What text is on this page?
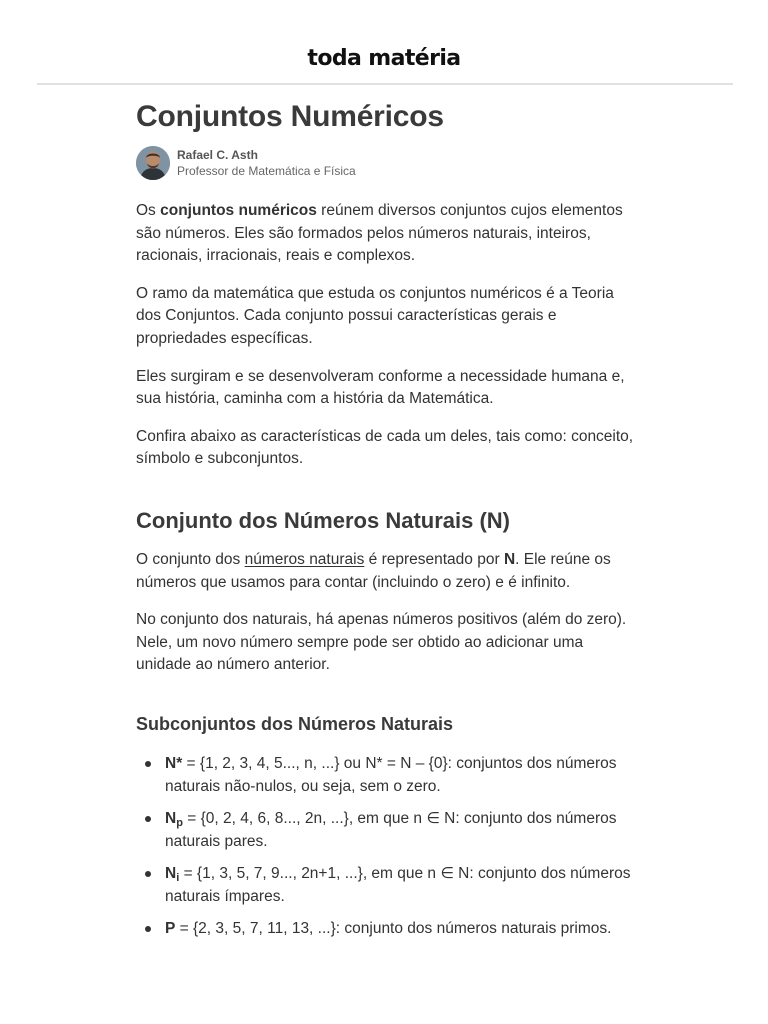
toda matéria
Conjuntos Numéricos
Rafael C. Asth
Professor de Matemática e Física

Os conjuntos numéricos reúnem diversos conjuntos cujos elementos são números. Eles são formados pelos números naturais, inteiros, racionais, irracionais, reais e complexos.

O ramo da matemática que estuda os conjuntos numéricos é a Teoria dos Conjuntos. Cada conjunto possui características gerais e propriedades específicas.

Eles surgiram e se desenvolveram conforme a necessidade humana e, sua história, caminha com a história da Matemática.

Confira abaixo as características de cada um deles, tais como: conceito, símbolo e subconjuntos.

Conjunto dos Números Naturais (N)

O conjunto dos números naturais é representado por N. Ele reúne os números que usamos para contar (incluindo o zero) e é infinito.

No conjunto dos naturais, há apenas números positivos (além do zero). Nele, um novo número sempre pode ser obtido ao adicionar uma unidade ao número anterior.

Subconjuntos dos Números Naturais
N* = {1, 2, 3, 4, 5..., n, ...} ou N* = N – {0}: conjuntos dos números naturais não-nulos, ou seja, sem o zero.
$N_p = \{0$, 2, 4, 6, 8..., 2n, ...}, em que n ∈ N: conjunto dos números naturais pares.
$N_i = \{1$, 3, 5, 7, 9..., 2n+1, ...}, em que n ∈ N: conjunto dos números naturais ímpares.
P = {2, 3, 5, 7, 11, 13, ...}: conjunto dos números naturais primos.
